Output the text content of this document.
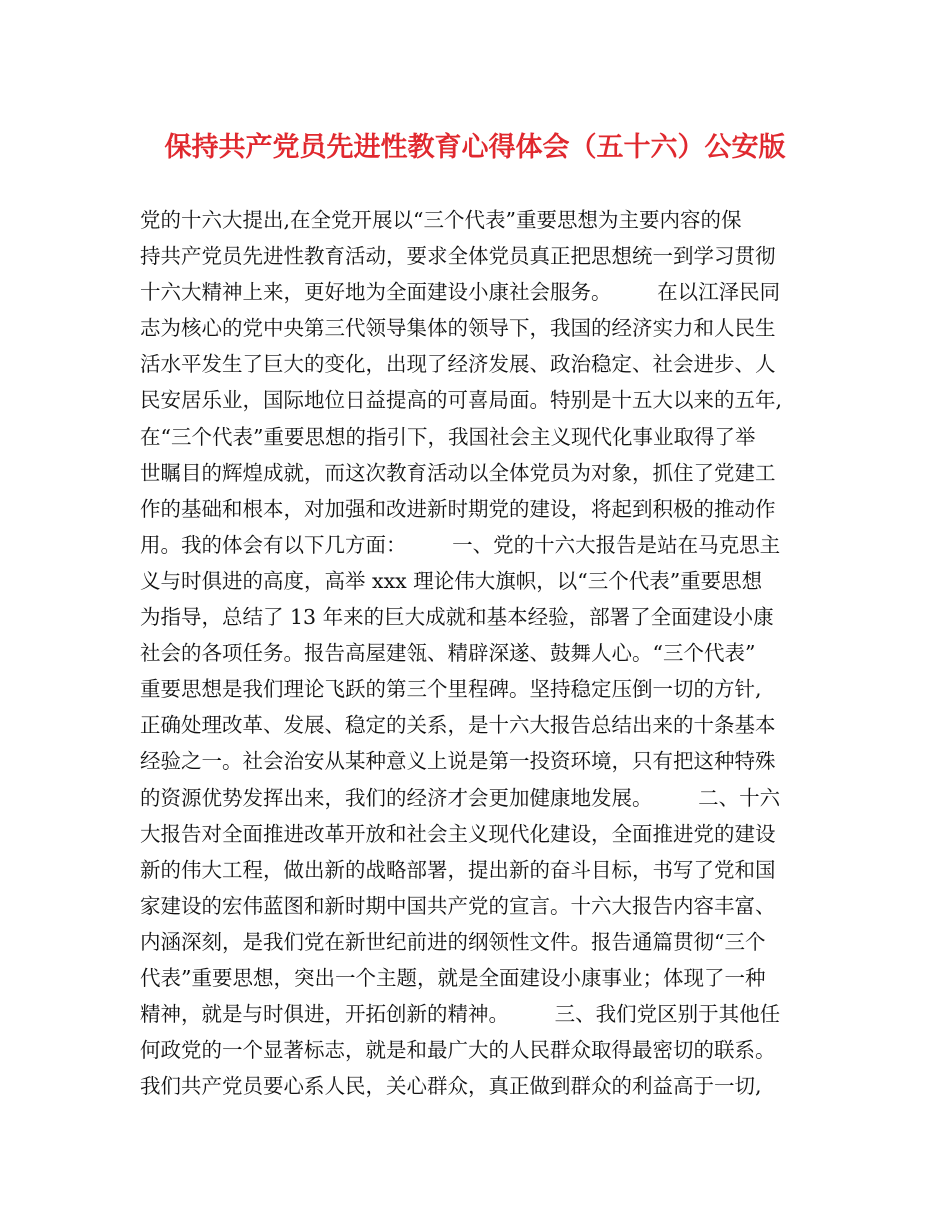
保持共产党员先进性教育心得体会（五十六）公安版
党的十六大提出,在全党开展以“三个代表”重要思想为主要内容的保
持共产党员先进性教育活动，要求全体党员真正把思想统一到学习贯彻
十六大精神上来，更好地为全面建设小康社会服务。       在以江泽民同
志为核心的党中央第三代领导集体的领导下，我国的经济实力和人民生
活水平发生了巨大的变化，出现了经济发展、政治稳定、社会进步、人
民安居乐业，国际地位日益提高的可喜局面。特别是十五大以来的五年,
在“三个代表”重要思想的指引下，我国社会主义现代化事业取得了举
世瞩目的辉煌成就，而这次教育活动以全体党员为对象，抓住了党建工
作的基础和根本，对加强和改进新时期党的建设，将起到积极的推动作
用。我的体会有以下几方面：       一、党的十六大报告是站在马克思主
义与时俱进的高度，高举 xxx 理论伟大旗帜，以“三个代表”重要思想
为指导，总结了 13 年来的巨大成就和基本经验，部署了全面建设小康
社会的各项任务。报告高屋建瓴、精辟深遂、鼓舞人心。“三个代表”
重要思想是我们理论飞跃的第三个里程碑。坚持稳定压倒一切的方针,
正确处理改革、发展、稳定的关系，是十六大报告总结出来的十条基本
经验之一。社会治安从某种意义上说是第一投资环境，只有把这种特殊
的资源优势发挥出来，我们的经济才会更加健康地发展。       二、十六
大报告对全面推进改革开放和社会主义现代化建设，全面推进党的建设
新的伟大工程，做出新的战略部署，提出新的奋斗目标，书写了党和国
家建设的宏伟蓝图和新时期中国共产党的宣言。十六大报告内容丰富、
内涵深刻，是我们党在新世纪前进的纲领性文件。报告通篇贯彻“三个
代表”重要思想，突出一个主题，就是全面建设小康事业；体现了一种
精神，就是与时俱进，开拓创新的精神。       三、我们党区别于其他任
何政党的一个显著标志，就是和最广大的人民群众取得最密切的联系。
我们共产党员要心系人民，关心群众，真正做到群众的利益高于一切,
